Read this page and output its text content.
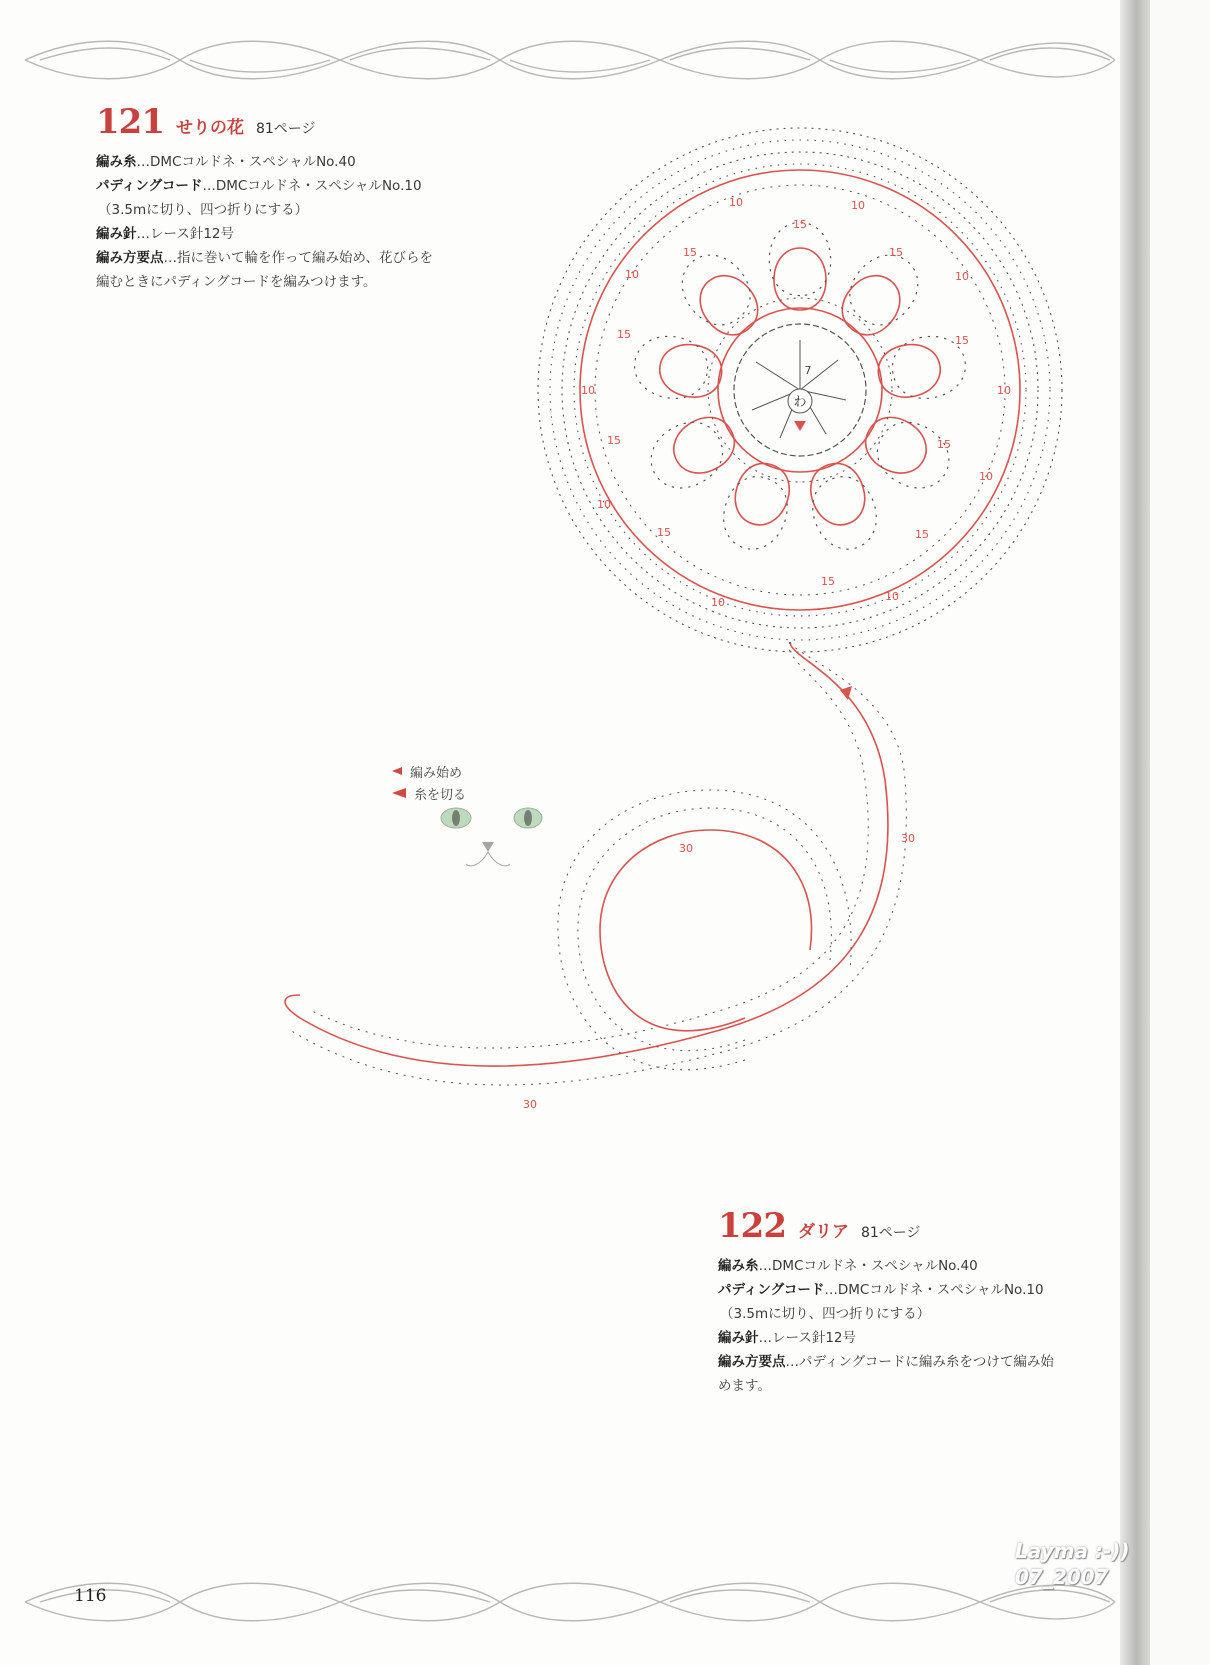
わ
7
15
15
15
15
15
15
15
15
15
15
10	10
10
10
10
10
10
10
10
10
30
30
30
121 せりの花 81ページ
編み糸…DMCコルドネ・スペシャルNo.40
パディングコード…DMCコルドネ・スペシャルNo.10
（3.5mに切り、四つ折りにする）
編み針…レース針12号
編み方要点…指に巻いて輪を作って編み始め、花びらを
編むときにパディングコードを編みつけます。
編み始め
糸を切る
122 ダリア 81ページ
編み糸…DMCコルドネ・スペシャルNo.40
パディングコード…DMCコルドネ・スペシャルNo.10
（3.5mに切り、四つ折りにする）
編み針…レース針12号
編み方要点…パディングコードに編み糸をつけて編み始
めます。
116
Layma :-))
07_2007
